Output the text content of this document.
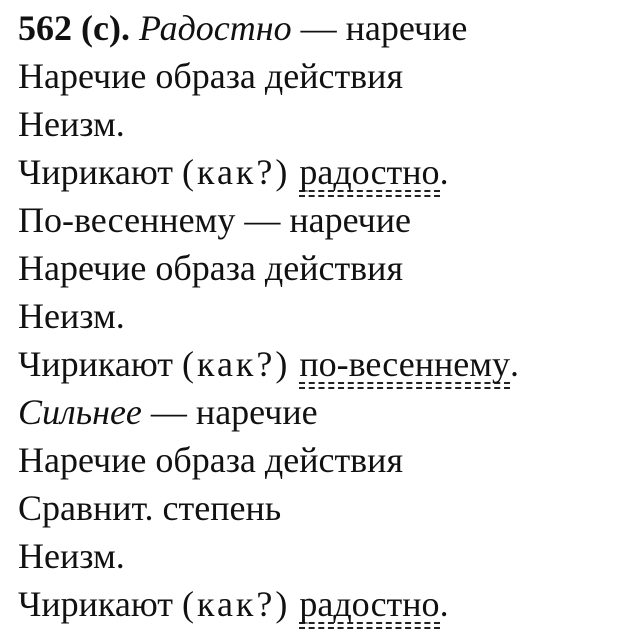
562 (с). Радостно — наречие
Наречие образа действия
Неизм.
Чирикают (как?) радостно.
По-весеннему — наречие
Наречие образа действия
Неизм.
Чирикают (как?) по-весеннему.
Сильнее — наречие
Наречие образа действия
Сравнит. степень
Неизм.
Чирикают (как?) радостно.
